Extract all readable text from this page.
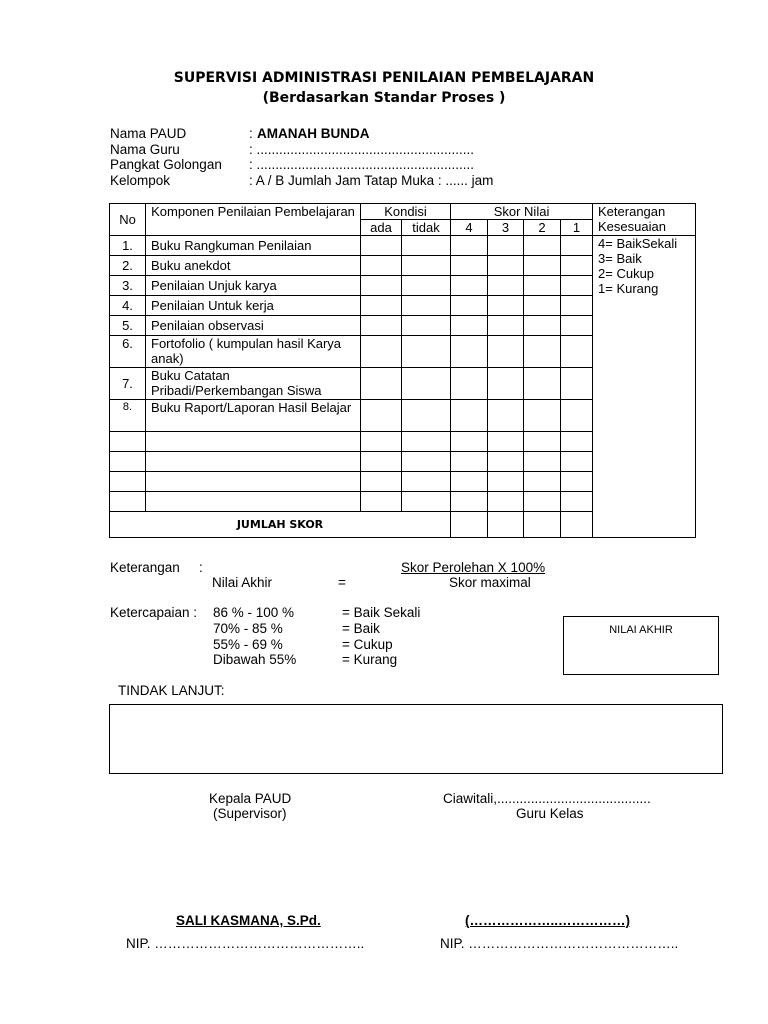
SUPERVISI ADMINISTRASI PENILAIAN PEMBELAJARAN
(Berdasarkan Standar Proses )
Nama PAUD	: AMANAH BUNDA
Nama Guru	: ..........................................................
Pangkat Golongan : ..........................................................
Kelompok	: A / B Jumlah Jam Tatap Muka : ...... jam
No	Komponen Penilaian Pembelajaran	Kondisi		Skor Nilai				Keterangan Kesesuaian
		ada	tidak	4	3	2	1	
1.	Buku Rangkuman Penilaian							4= BaikSekali
3= Baik
2= Cukup
1= Kurang

2.	Buku anekdot							
3.	Penilaian Unjuk karya							
4.	Penilaian Untuk kerja							
5.	Penilaian observasi							
6.	Fortofolio ( kumpulan hasil Karya anak)							
7.	Buku Catatan Pribadi/Perkembangan Siswa							
8.	Buku Raport/Laporan Hasil Belajar							

JUMLAH SKOR								
Keterangan :
Nilai Akhir	=
Skor Perolehan X 100%
Skor maximal
Ketercapaian : 86 % - 100 %	= Baik Sekali
70% - 85 %	= Baik
55% - 69 %	= Cukup
Dibawah 55%	= Kurang
NILAI AKHIR
TINDAK LANJUT:
Kepala PAUD
(Supervisor)
Ciawitali,.........................................
Guru Kelas
SALI KASMANA, S.Pd.	(………………..……………)
NIP. ………………………………………..	NIP. ………………………………………..
